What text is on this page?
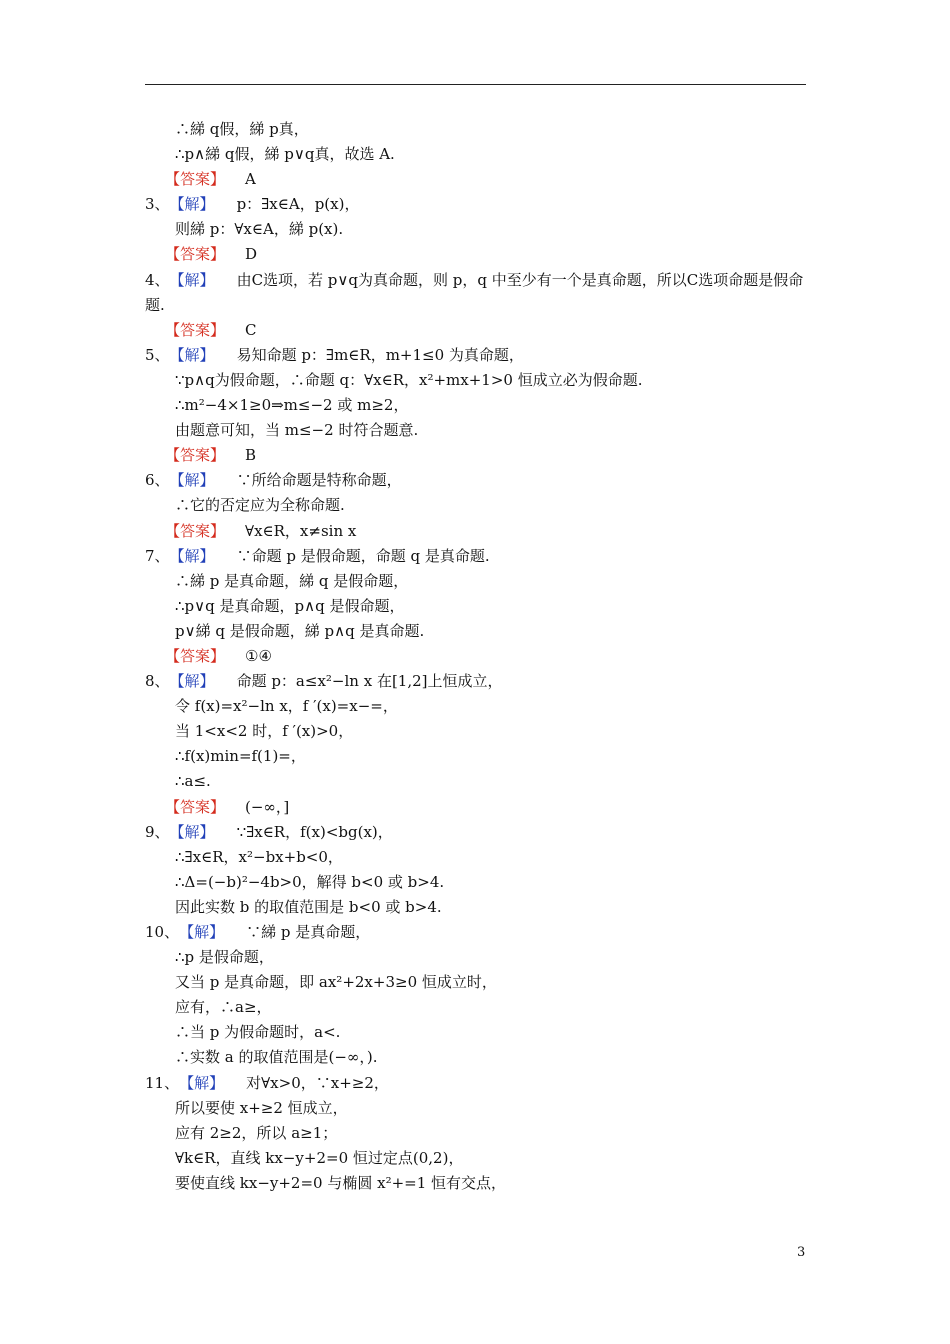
∴綈 q假，綈 p真，
∴p∧綈 q假，綈 p∨q真，故选 A.
【答案】 A
3、【解】 p：∃x∈A，p(x)，
则綈 p：∀x∈A，綈 p(x).
【答案】 D
4、【解】 由C选项，若 p∨q为真命题，则 p，q 中至少有一个是真命题，所以C选项命题是假命题.
【答案】 C
5、【解】 易知命题 p：∃m∈R，m+1≤0 为真命题，
∵p∧q为假命题，∴命题 q：∀x∈R，x²+mx+1>0 恒成立必为假命题.
∴m²−4×1≥0⇒m≤−2 或 m≥2，
由题意可知，当 m≤−2 时符合题意.
【答案】 B
6、【解】 ∵所给命题是特称命题，
∴它的否定应为全称命题.
【答案】 ∀x∈R，x≠sin x
7、【解】 ∵命题 p 是假命题，命题 q 是真命题.
∴綈 p 是真命题，綈 q 是假命题，
∴p∨q 是真命题，p∧q 是假命题，
p∨綈 q 是假命题，綈 p∧q 是真命题.
【答案】 ①④
8、【解】 命题 p：a≤x²−ln x 在[1,2]上恒成立，
令 f(x)=x²−ln x，f ′(x)=x−=，
当 1<x<2 时，f ′(x)>0，
∴f(x)min=f(1)=，
∴a≤.
【答案】 (−∞，]
9、【解】 ∵∃x∈R，f(x)<bg(x)，
∴∃x∈R，x²−bx+b<0，
∴Δ=(−b)²−4b>0，解得 b<0 或 b>4.
因此实数 b 的取值范围是 b<0 或 b>4.
10、【解】 ∵綈 p 是真命题，
∴p 是假命题，
又当 p 是真命题，即 ax²+2x+3≥0 恒成立时，
应有，∴a≥，
∴当 p 为假命题时，a<.
∴实数 a 的取值范围是(−∞，).
11、【解】 对∀x>0，∵x+≥2，
所以要使 x+≥2 恒成立，
应有 2≥2，所以 a≥1；
∀k∈R，直线 kx−y+2=0 恒过定点(0,2)，
要使直线 kx−y+2=0 与椭圆 x²+=1 恒有交点，
3
